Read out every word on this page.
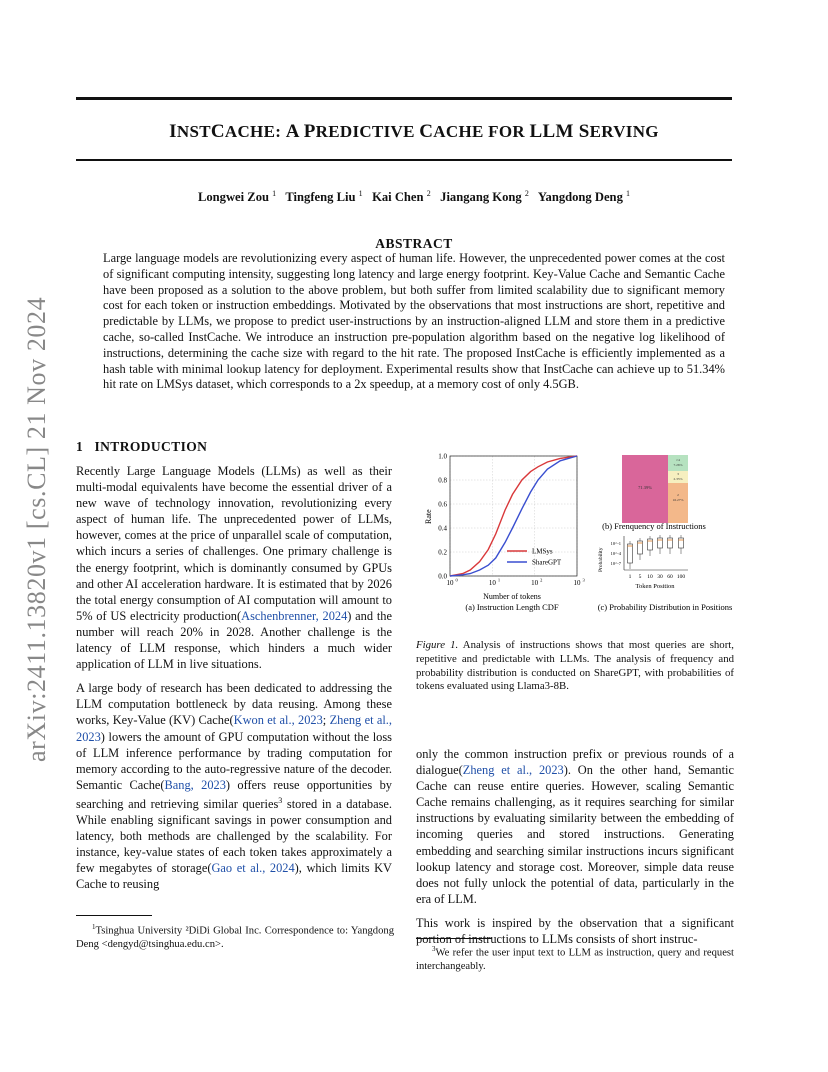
arXiv:2411.13820v1 [cs.CL] 21 Nov 2024
INSTCACHE: A PREDICTIVE CACHE FOR LLM SERVING
Longwei Zou $^1$ Tingfeng Liu $^1$ Kai Chen $^2$ Jiangang Kong $^2$ Yangdong Deng $^1$
ABSTRACT
Large language models are revolutionizing every aspect of human life. However, the unprecedented power comes at the cost of significant computing intensity, suggesting long latency and large energy footprint. Key-Value Cache and Semantic Cache have been proposed as a solution to the above problem, but both suffer from limited scalability due to significant memory cost for each token or instruction embeddings. Motivated by the observations that most instructions are short, repetitive and predictable by LLMs, we propose to predict user-instructions by an instruction-aligned LLM and store them in a predictive cache, so-called InstCache. We introduce an instruction pre-population algorithm based on the negative log likelihood of instructions, determining the cache size with regard to the hit rate. The proposed InstCache is efficiently implemented as a hash table with minimal lookup latency for deployment. Experimental results show that InstCache can achieve up to 51.34% hit rate on LMSys dataset, which corresponds to a 2x speedup, at a memory cost of only 4.5GB.
1 INTRODUCTION

Recently Large Language Models (LLMs) as well as their multi-modal equivalents have become the essential driver of a new wave of technology innovation, revolutionizing every aspect of human life. The unprecedented power of LLMs, however, comes at the price of unparallel scale of computation, which incurs a series of challenges. One primary challenge is the energy footprint, which is dominantly consumed by GPUs and other AI acceleration hardware. It is estimated that by 2026 the total energy consumption of AI computation will amount to 5% of US electricity production(Aschenbrenner, 2024) and the number will reach 20% in 2028. Another challenge is the latency of LLM response, which hinders a much wider application of LLM in live situations.

A large body of research has been dedicated to addressing the LLM computation bottleneck by data reusing. Among these works, Key-Value (KV) Cache(Kwon et al., 2023; Zheng et al., 2023) lowers the amount of GPU computation without the loss of LLM inference performance by trading computation for memory according to the auto-regressive nature of the decoder. Semantic Cache(Bang, 2023) offers reuse opportunities by searching and retrieving similar queries$^3$ stored in a database. While enabling significant savings in power consumption and latency, both methods are challenged by the scalability. For instance, key-value states of each token takes approximately a few megabytes of storage(Gao et al., 2024), which limits KV Cache to reusing

$^1$Tsinghua University ²DiDi Global Inc. Correspondence to: Yangdong Deng <dengyd@tsinghua.edu.cn>.

only the common instruction prefix or previous rounds of a dialogue(Zheng et al., 2023). On the other hand, Semantic Cache can reuse entire queries. However, scaling Semantic Cache remains challenging, as it requires searching for similar instructions by evaluating similarity between the embedding of incoming queries and stored instructions. Generating embedding and searching similar instructions incurs significant lookup latency and storage cost. Moreover, simple data reuse does not fully unlock the potential of data, particularly in the era of LLM.

This work is inspired by the observation that a significant portion of instructions to LLMs consists of short instruc-

$^3$We refer the user input text to LLM as instruction, query and request interchangeably.
0.0
0.2
0.4
0.6
0.8
1.0
10 0	10 1	10 2	10 3
LMSys
ShareGPT
Rate
Number of tokens
(a) Instruction Length CDF
71.39%
≥4
7.26%
3
2.35%
2
16.27%
(b) Frenquency of Instructions
10^-1
10^-4
10^-7
Probability
1 5 10 30 60 100
Token Position
(c) Probability Distribution in Positions
Figure 1. Analysis of instructions shows that most queries are short, repetitive and predictable with LLMs. The analysis of frequency and probability distribution is conducted on ShareGPT, with probabilities of tokens evaluated using Llama3-8B.
